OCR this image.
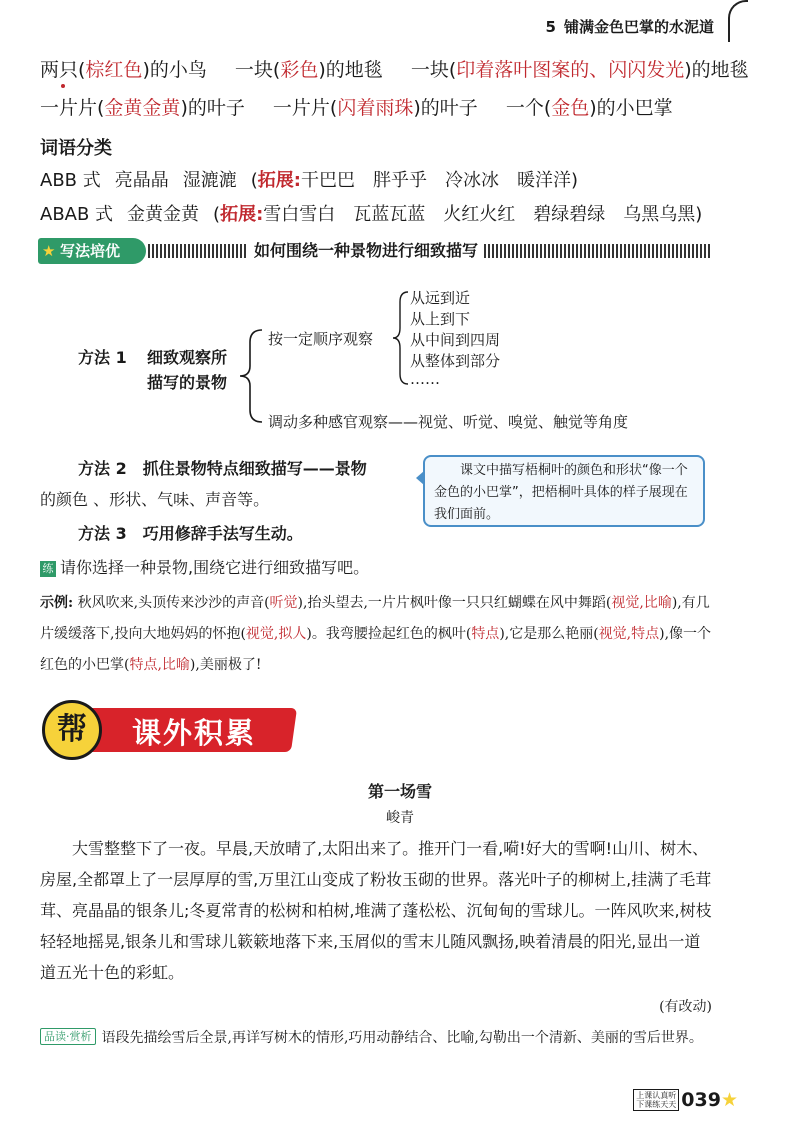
5 铺满金色巴掌的水泥道
两只(棕红色)的小鸟 一块(彩色)的地毯 一块(印着落叶图案的、闪闪发光)的地毯
一片片(金黄金黄)的叶子 一片片(闪着雨珠)的叶子 一个(金色)的小巴掌
词语分类
ABB 式 亮晶晶 湿漉漉 (拓展:干巴巴　胖乎乎　冷冰冰　暖洋洋)
ABAB 式 金黄金黄 (拓展:雪白雪白　瓦蓝瓦蓝　火红火红　碧绿碧绿　乌黑乌黑)
★ 写法培优	如何围绕一种景物进行细致描写
方法 1 细致观察所
描写的景物
按一定顺序观察
从远到近
从上到下
从中间到四周
从整体到部分
……
调动多种感官观察——视觉、听觉、嗅觉、触觉等角度
方法 2　 抓住景物特点细致描写——景物
的颜色 、形状、气味、声音等。
方法 3　 巧用修辞手法写生动。
课文中描写梧桐叶的颜色和形状“像一个金色的小巴掌”，把梧桐叶具体的样子展现在我们面前。
练 请你选择一种景物,围绕它进行细致描写吧。
示例: 秋风吹来,头顶传来沙沙的声音(听觉),抬头望去,一片片枫叶像一只只红蝴蝶在风中舞蹈(视觉,比喻),有几片缓缓落下,投向大地妈妈的怀抱(视觉,拟人)。我弯腰捡起红色的枫叶(特点),它是那么艳丽(视觉,特点),像一个红色的小巴掌(特点,比喻),美丽极了!
课外积累
帮
第一场雪
峻青
大雪整整下了一夜。早晨,天放晴了,太阳出来了。推开门一看,嗬!好大的雪啊!山川、树木、房屋,全都罩上了一层厚厚的雪,万里江山变成了粉妆玉砌的世界。落光叶子的柳树上,挂满了毛茸茸、亮晶晶的银条儿;冬夏常青的松树和柏树,堆满了蓬松松、沉甸甸的雪球儿。一阵风吹来,树枝轻轻地摇晃,银条儿和雪球儿簌簌地落下来,玉屑似的雪末儿随风飘扬,映着清晨的阳光,显出一道道五光十色的彩虹。
(有改动)
品读·赏析 语段先描绘雪后全景,再详写树木的情形,巧用动静结合、比喻,勾勒出一个清新、美丽的雪后世界。
上课认真听
下课练天天 039★
